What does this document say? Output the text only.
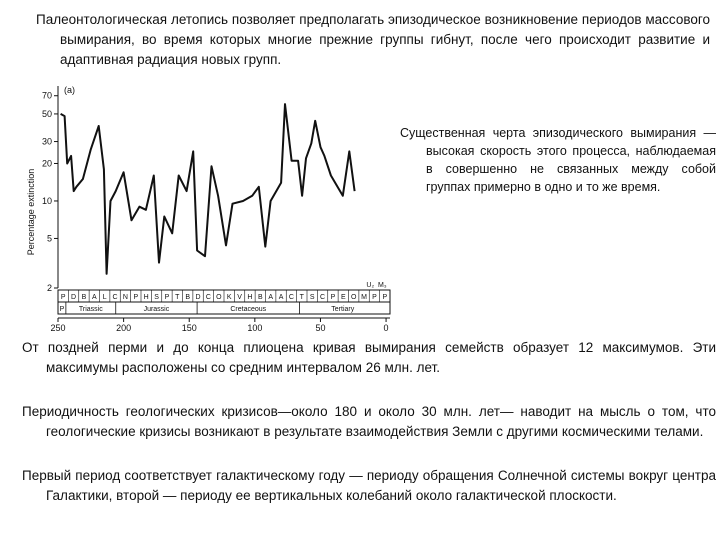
Палеонтологическая летопись позволяет предполагать эпизодическое возникновение периодов массового вымирания, во время которых многие прежние группы гибнут, после чего происходит развитие и адаптивная радиация новых групп.
2
5
10
20
30
50
70
250	200	150	100	50	0
P D B A L C N P H S P T B D C O K V H B A A C T S C P E O M P P
P Triassic	Jurassic	Cretaceous	Tertiary
U₂ M₃
(a)
Percentage extinction
Существенная черта эпизодического вымирания — высокая скорость этого процесса, наблюдаемая в совершенно не связанных между собой группах примерно в одно и то же время.
От поздней перми и до конца плиоцена кривая вымирания семейств образует 12 максимумов. Эти максимумы расположены со средним интервалом 26 млн. лет.
Периодичность геологических кризисов—около 180 и около 30 млн. лет— наводит на мысль о том, что геологические кризисы возникают в результате взаимодействия Земли с другими космическими телами.
Первый период соответствует галактическому году — периоду обращения Солнечной системы вокруг центра Галактики, второй — периоду ее вертикальных колебаний около галактической плоскости.
